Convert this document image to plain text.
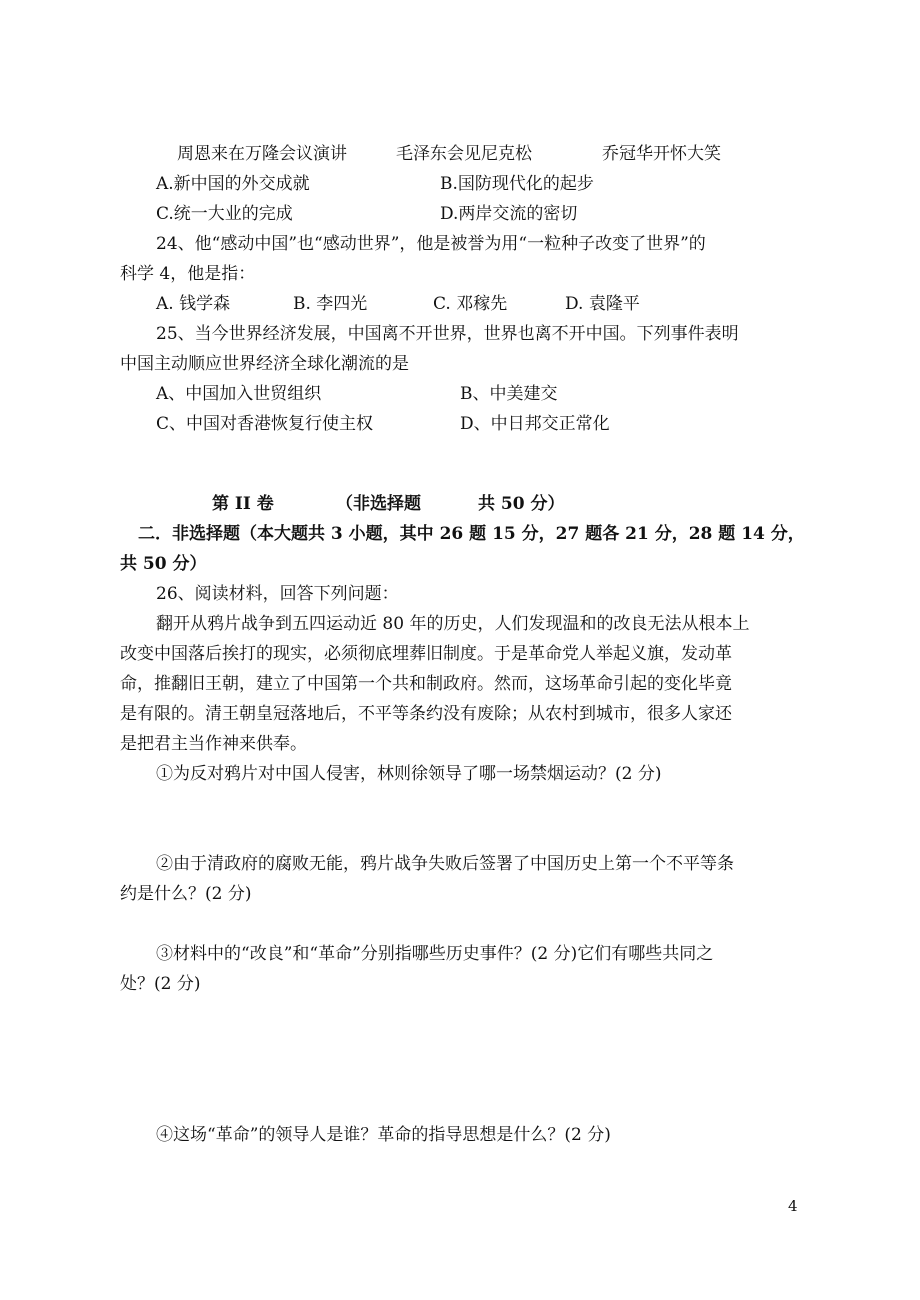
周恩来在万隆会议演讲	毛泽东会见尼克松	乔冠华开怀大笑
A.新中国的外交成就	B.国防现代化的起步
C.统一大业的完成	D.两岸交流的密切
24、他“感动中国”也“感动世界”，他是被誉为用“一粒种子改变了世界”的
科学 4，他是指：
A. 钱学森	B. 李四光	C. 邓稼先	D. 袁隆平
25、当今世界经济发展，中国离不开世界，世界也离不开中国。下列事件表明
中国主动顺应世界经济全球化潮流的是
A、中国加入世贸组织	B、中美建交
C、中国对香港恢复行使主权	D、中日邦交正常化
第 II 卷	（非选择题	共 50 分）
二．非选择题（本大题共 3 小题，其中 26 题 15 分，27 题各 21 分，28 题 14 分，
共 50 分）
26、阅读材料，回答下列问题：
翻开从鸦片战争到五四运动近 80 年的历史，人们发现温和的改良无法从根本上
改变中国落后挨打的现实，必须彻底埋葬旧制度。于是革命党人举起义旗，发动革
命，推翻旧王朝，建立了中国第一个共和制政府。然而，这场革命引起的变化毕竟
是有限的。清王朝皇冠落地后，不平等条约没有废除；从农村到城市，很多人家还
是把君主当作神来供奉。
①为反对鸦片对中国人侵害，林则徐领导了哪一场禁烟运动？(2 分)
②由于清政府的腐败无能，鸦片战争失败后签署了中国历史上第一个不平等条
约是什么？(2 分)
③材料中的“改良”和“革命”分别指哪些历史事件？(2 分)它们有哪些共同之
处？(2 分)
④这场“革命”的领导人是谁？革命的指导思想是什么？(2 分)
4
